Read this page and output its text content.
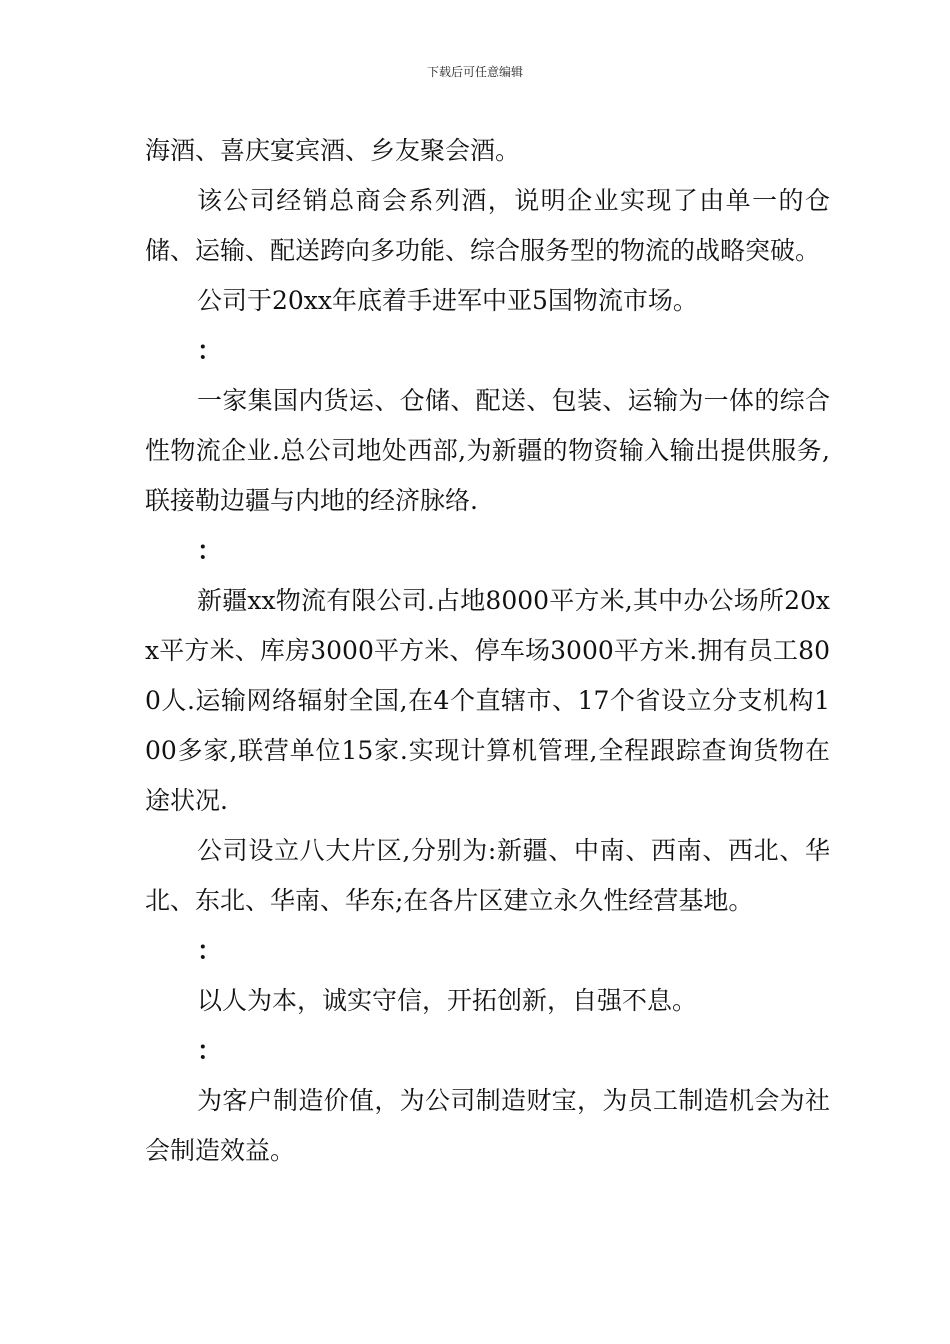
下载后可任意编辑

海酒、喜庆宴宾酒、乡友聚会酒。

该公司经销总商会系列酒，说明企业实现了由单一的仓储、运输、配送跨向多功能、综合服务型的物流的战略突破。

公司于20xx年底着手进军中亚5国物流市场。

：

一家集国内货运、仓储、配送、包装、运输为一体的综合性物流企业.总公司地处西部,为新疆的物资输入输出提供服务,联接勒边疆与内地的经济脉络.

：

新疆xx物流有限公司.占地8000平方米,其中办公场所20xx平方米、库房3000平方米、停车场3000平方米.拥有员工800人.运输网络辐射全国,在4个直辖市、17个省设立分支机构100多家,联营单位15家.实现计算机管理,全程跟踪查询货物在途状况.

公司设立八大片区,分别为:新疆、中南、西南、西北、华北、东北、华南、华东;在各片区建立永久性经营基地。

：

以人为本，诚实守信，开拓创新，自强不息。

：

为客户制造价值，为公司制造财宝，为员工制造机会为社会制造效益。
